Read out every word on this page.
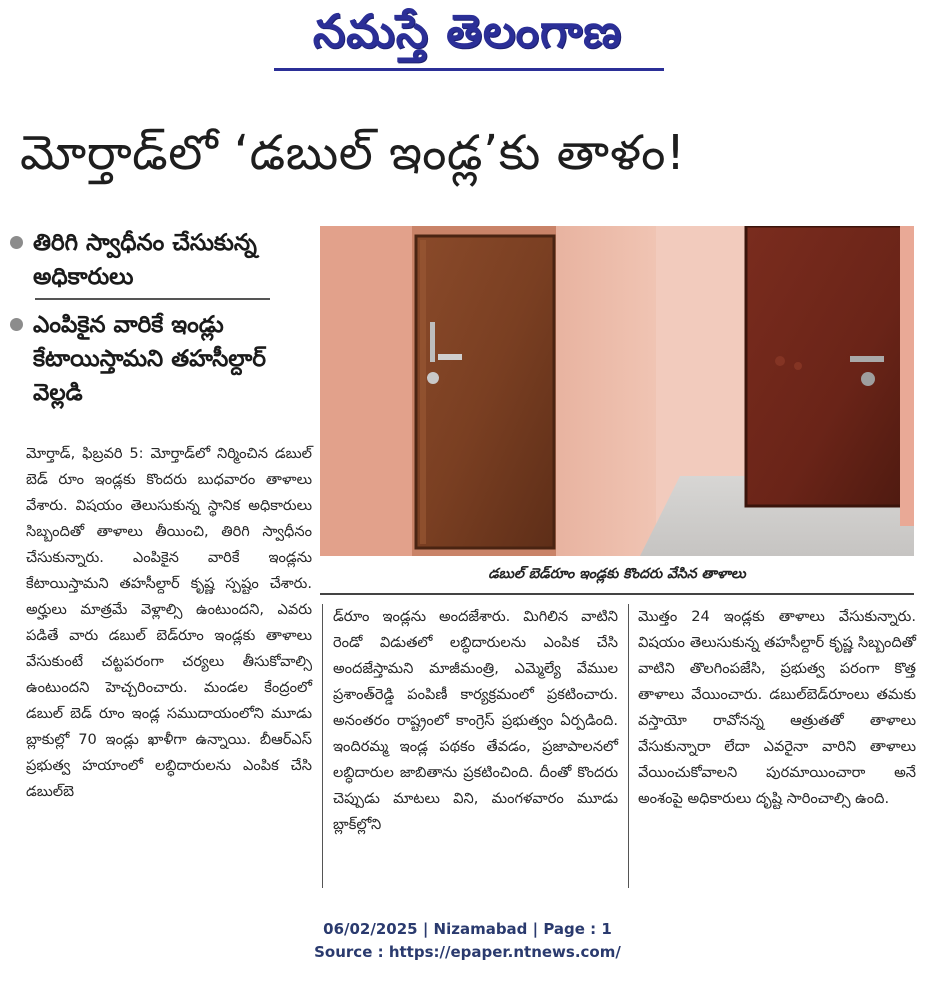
నమస్తే తెలంగాణ
మోర్తాడ్‌లో ‘డబుల్ ఇండ్ల’కు తాళం!
తిరిగి స్వాధీనం చేసుకున్న అధికారులు
ఎంపికైన వారికే ఇండ్లు కేటాయిస్తామని తహసీల్దార్ వెల్లడి
డబుల్ బెడ్‌రూం ఇండ్లకు కొందరు వేసిన తాళాలు

మోర్తాడ్, ఫిబ్రవరి 5: మోర్తాడ్‌లో నిర్మించిన డబుల్ బెడ్ రూం ఇండ్లకు కొందరు బుధవారం తాళాలు వేశారు. విషయం తెలుసుకున్న స్థానిక అధికారులు సిబ్బందితో తాళాలు తీయించి, తిరిగి స్వాధీనం చేసుకున్నారు. ఎంపికైన వారికే ఇండ్లను కేటాయిస్తామని తహసీల్దార్ కృష్ణ స్పష్టం చేశారు. అర్హులు మాత్రమే వెళ్లాల్సి ఉంటుందని, ఎవరు పడితే వారు డబుల్ బెడ్‌రూం ఇండ్లకు తాళాలు వేసుకుంటే చట్టపరంగా చర్యలు తీసుకోవాల్సి ఉంటుందని హెచ్చరించారు. మండల కేంద్రంలో డబుల్ బెడ్ రూం ఇండ్ల సముదాయంలోని మూడు బ్లాకుల్లో 70 ఇండ్లు ఖాళీగా ఉన్నాయి. బీఆర్‌ఎస్ ప్రభుత్వ హయాంలో లబ్ధిదారులను ఎంపిక చేసి డబుల్‌బె

డ్‌రూం ఇండ్లను అందజేశారు. మిగిలిన వాటిని రెండో విడుతలో లబ్ధిదారులను ఎంపిక చేసి అందజేస్తామని మాజీమంత్రి, ఎమ్మెల్యే వేముల ప్రశాంత్‌రెడ్డి పంపిణీ కార్యక్రమంలో ప్రకటించారు. అనంతరం రాష్ట్రంలో కాంగ్రెస్ ప్రభుత్వం ఏర్పడింది. ఇందిరమ్మ ఇండ్ల పథకం తేవడం, ప్రజాపాలనలో లబ్ధిదారుల జాబితాను ప్రకటించింది. దీంతో కొందరు చెప్పుడు మాటలు విని, మంగళవారం మూడు బ్లాక్‌ల్లోని

మొత్తం 24 ఇండ్లకు తాళాలు వేసుకున్నారు. విషయం తెలుసుకున్న తహసీల్దార్ కృష్ణ సిబ్బందితో వాటిని తొలగింపజేసి, ప్రభుత్వ పరంగా కొత్త తాళాలు వేయించారు. డబుల్‌బెడ్‌రూంలు తమకు వస్తాయో రావోనన్న ఆత్రుతతో తాళాలు వేసుకున్నారా లేదా ఎవరైనా వారిని తాళాలు వేయించుకోవాలని పురమాయించారా అనే అంశంపై అధికారులు దృష్టి సారించాల్సి ఉంది.

06/02/2025 | Nizamabad | Page : 1
Source : https://epaper.ntnews.com/
